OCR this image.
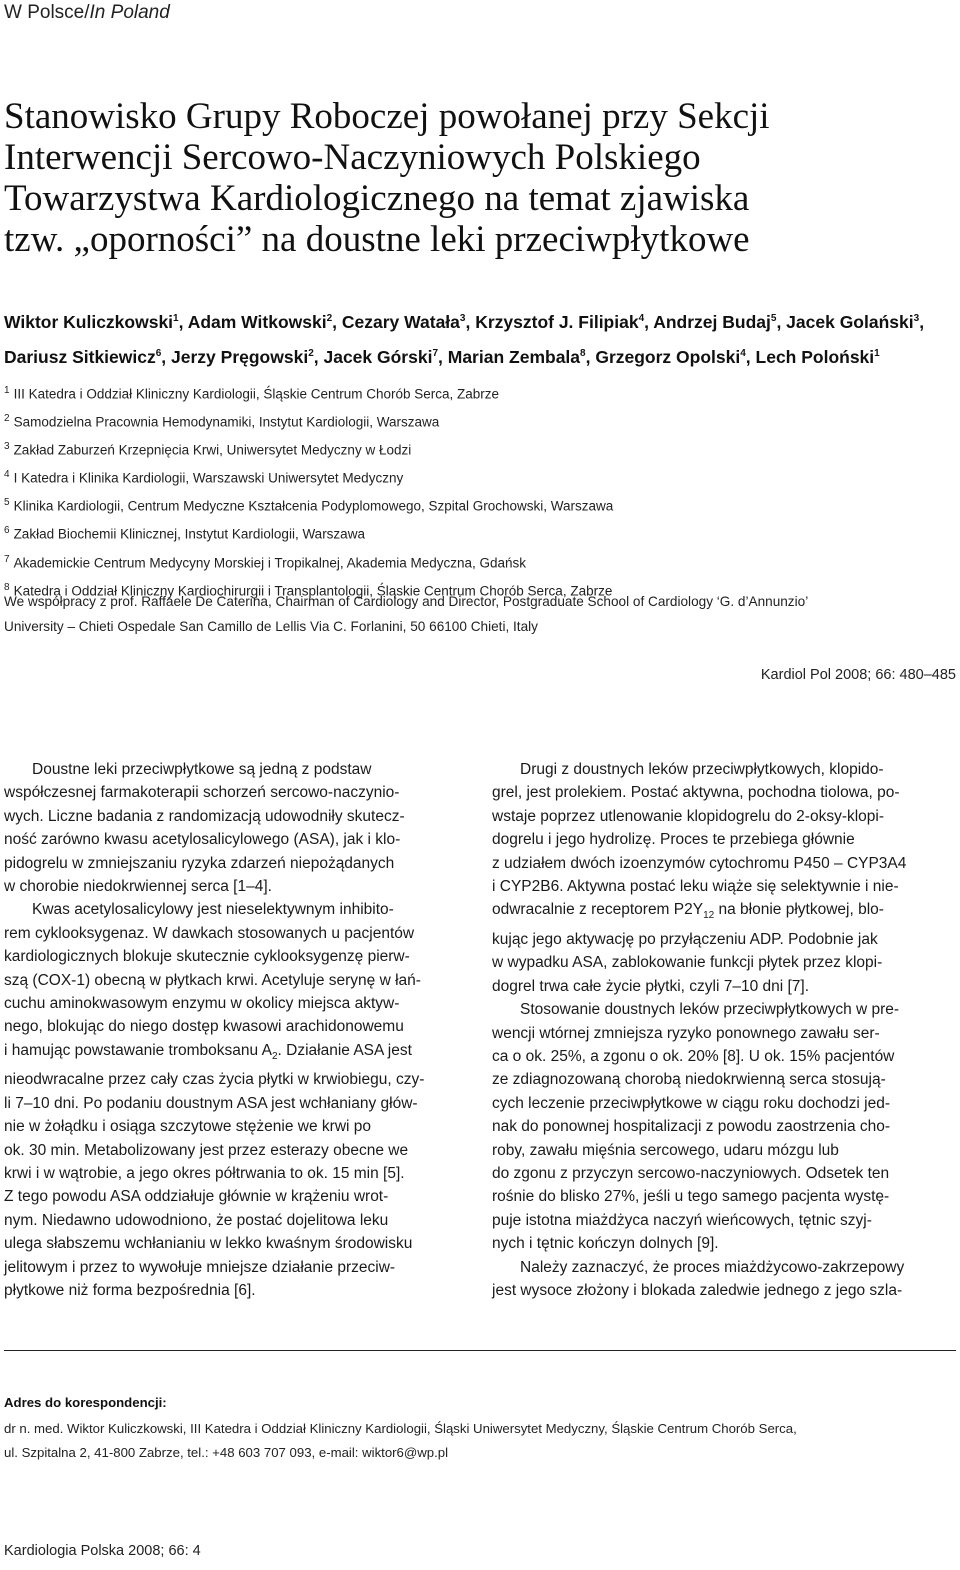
W Polsce/In Poland
Stanowisko Grupy Roboczej powołanej przy Sekcji
Interwencji Sercowo-Naczyniowych Polskiego
Towarzystwa Kardiologicznego na temat zjawiska
tzw. „oporności” na doustne leki przeciwpłytkowe
Wiktor Kuliczkowski$^1$, Adam Witkowski$^2$, Cezary Watała$^3$, Krzysztof J. Filipiak$^4$, Andrzej Budaj$^5$, Jacek Golański$^3$,
Dariusz Sitkiewicz$^6$, Jerzy Pręgowski$^2$, Jacek Górski$^7$, Marian Zembala$^8$, Grzegorz Opolski$^4$, Lech Poloński$^1$
$^1$ III Katedra i Oddział Kliniczny Kardiologii, Śląskie Centrum Chorób Serca, Zabrze
$^2$ Samodzielna Pracownia Hemodynamiki, Instytut Kardiologii, Warszawa
$^3$ Zakład Zaburzeń Krzepnięcia Krwi, Uniwersytet Medyczny w Łodzi
$^4$ I Katedra i Klinika Kardiologii, Warszawski Uniwersytet Medyczny
$^5$ Klinika Kardiologii, Centrum Medyczne Kształcenia Podyplomowego, Szpital Grochowski, Warszawa
$^6$ Zakład Biochemii Klinicznej, Instytut Kardiologii, Warszawa
$^7$ Akademickie Centrum Medycyny Morskiej i Tropikalnej, Akademia Medyczna, Gdańsk
$^8$ Katedra i Oddział Kliniczny Kardiochirurgii i Transplantologii, Śląskie Centrum Chorób Serca, Zabrze
We współpracy z prof. Raffaele De Caterina, Chairman of Cardiology and Director, Postgraduate School of Cardiology ‘G. d’Annunzio’
University – Chieti Ospedale San Camillo de Lellis Via C. Forlanini, 50 66100 Chieti, Italy
Kardiol Pol 2008; 66: 480–485
Doustne leki przeciwpłytkowe są jedną z podstaw
współczesnej farmakoterapii schorzeń sercowo-naczynio-
wych. Liczne badania z randomizacją udowodniły skutecz-
ność zarówno kwasu acetylosalicylowego (ASA), jak i klo-
pidogrelu w zmniejszaniu ryzyka zdarzeń niepożądanych
w chorobie niedokrwiennej serca [1–4].
Kwas acetylosalicylowy jest nieselektywnym inhibito-
rem cyklooksygenaz. W dawkach stosowanych u pacjentów
kardiologicznych blokuje skutecznie cyklooksygenzę pierw-
szą (COX-1) obecną w płytkach krwi. Acetyluje serynę w łań-
cuchu aminokwasowym enzymu w okolicy miejsca aktyw-
nego, blokując do niego dostęp kwasowi arachidonowemu
i hamując powstawanie tromboksanu $A_2$. Działanie ASA jest
nieodwracalne przez cały czas życia płytki w krwiobiegu, czy-
li 7–10 dni. Po podaniu doustnym ASA jest wchłaniany głów-
nie w żołądku i osiąga szczytowe stężenie we krwi po
ok. 30 min. Metabolizowany jest przez esterazy obecne we
krwi i w wątrobie, a jego okres półtrwania to ok. 15 min [5].
Z tego powodu ASA oddziałuje głównie w krążeniu wrot-
nym. Niedawno udowodniono, że postać dojelitowa leku
ulega słabszemu wchłanianiu w lekko kwaśnym środowisku
jelitowym i przez to wywołuje mniejsze działanie przeciw-
płytkowe niż forma bezpośrednia [6].
Drugi z doustnych leków przeciwpłytkowych, klopido-
grel, jest prolekiem. Postać aktywna, pochodna tiolowa, po-
wstaje poprzez utlenowanie klopidogrelu do 2-oksy-klopi-
dogrelu i jego hydrolizę. Proces te przebiega głównie
z udziałem dwóch izoenzymów cytochromu P450 – CYP3A4
i CYP2B6. Aktywna postać leku wiąże się selektywnie i nie-
odwracalnie z receptorem $P2Y_{12}$ na błonie płytkowej, blo-
kując jego aktywację po przyłączeniu ADP. Podobnie jak
w wypadku ASA, zablokowanie funkcji płytek przez klopi-
dogrel trwa całe życie płytki, czyli 7–10 dni [7].
Stosowanie doustnych leków przeciwpłytkowych w pre-
wencji wtórnej zmniejsza ryzyko ponownego zawału ser-
ca o ok. 25%, a zgonu o ok. 20% [8]. U ok. 15% pacjentów
ze zdiagnozowaną chorobą niedokrwienną serca stosują-
cych leczenie przeciwpłytkowe w ciągu roku dochodzi jed-
nak do ponownej hospitalizacji z powodu zaostrzenia cho-
roby, zawału mięśnia sercowego, udaru mózgu lub
do zgonu z przyczyn sercowo-naczyniowych. Odsetek ten
rośnie do blisko 27%, jeśli u tego samego pacjenta wystę-
puje istotna miażdżyca naczyń wieńcowych, tętnic szyj-
nych i tętnic kończyn dolnych [9].
Należy zaznaczyć, że proces miażdżycowo-zakrzepowy
jest wysoce złożony i blokada zaledwie jednego z jego szla-
Adres do korespondencji:
dr n. med. Wiktor Kuliczkowski, III Katedra i Oddział Kliniczny Kardiologii, Śląski Uniwersytet Medyczny, Śląskie Centrum Chorób Serca,
ul. Szpitalna 2, 41-800 Zabrze, tel.: +48 603 707 093, e-mail: wiktor6@wp.pl
Kardiologia Polska 2008; 66: 4
